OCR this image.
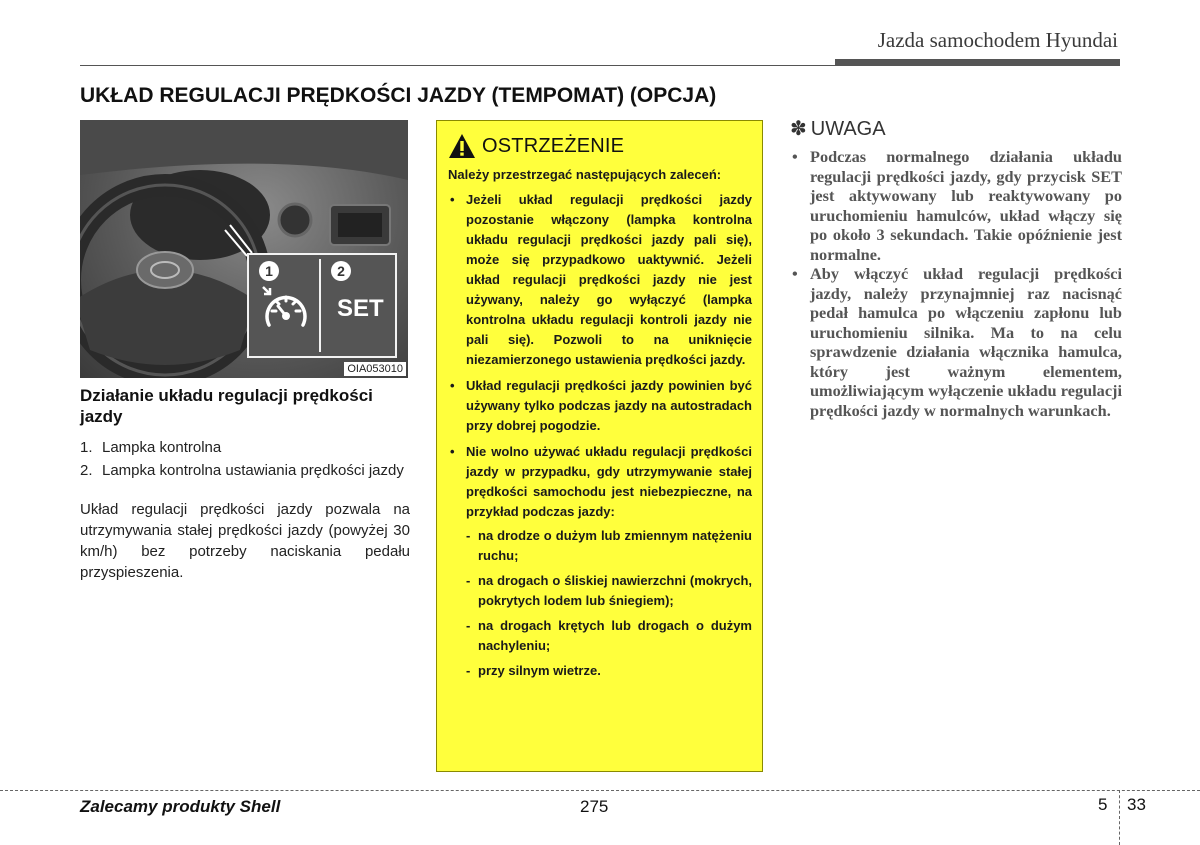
Jazda samochodem Hyundai
UKŁAD REGULACJI PRĘDKOŚCI JAZDY (TEMPOMAT) (OPCJA)
1	2
SET
OIA053010
Działanie układu regulacji prędkości jazdy
1. Lampka kontrolna
2. Lampka kontrolna ustawiania prędkości jazdy

Układ regulacji prędkości jazdy pozwala na utrzymywania stałej prędkości jazdy (powyżej 30 km/h) bez potrzeby naciskania pedału przyspieszenia.

OSTRZEŻENIE

Należy przestrzegać następujących zaleceń:

• Jeżeli układ regulacji prędkości jazdy pozostanie włączony (lampka kontrolna układu regulacji prędkości jazdy pali się), może się przypadkowo uaktywnić. Jeżeli układ regulacji prędkości jazdy nie jest używany, należy go wyłączyć (lampka kontrolna układu regulacji kontroli jazdy nie pali się). Pozwoli to na uniknięcie niezamierzonego ustawienia prędkości jazdy.
• Układ regulacji prędkości jazdy powinien być używany tylko podczas jazdy na autostradach przy dobrej pogodzie.
• Nie wolno używać układu regulacji prędkości jazdy w przypadku, gdy utrzymywanie stałej prędkości samochodu jest niebezpieczne, na przykład podczas jazdy:
- na drodze o dużym lub zmiennym natężeniu ruchu;
- na drogach o śliskiej nawierzchni (mokrych, pokrytych lodem lub śniegiem);
- na drogach krętych lub drogach o dużym nachyleniu;
- przy silnym wietrze.
✽ UWAGA
• Podczas normalnego działania układu regulacji prędkości jazdy, gdy przycisk SET jest aktywowany lub reaktywowany po uruchomieniu hamulców, układ włączy się po około 3 sekundach. Takie opóźnienie jest normalne.
• Aby włączyć układ regulacji prędkości jazdy, należy przynajmniej raz nacisnąć pedał hamulca po włączeniu zapłonu lub uruchomieniu silnika. Ma to na celu sprawdzenie działania włącznika hamulca, który jest ważnym elementem, umożliwiającym wyłączenie układu regulacji prędkości jazdy w normalnych warunkach.
Zalecamy produkty Shell	275	5 33
